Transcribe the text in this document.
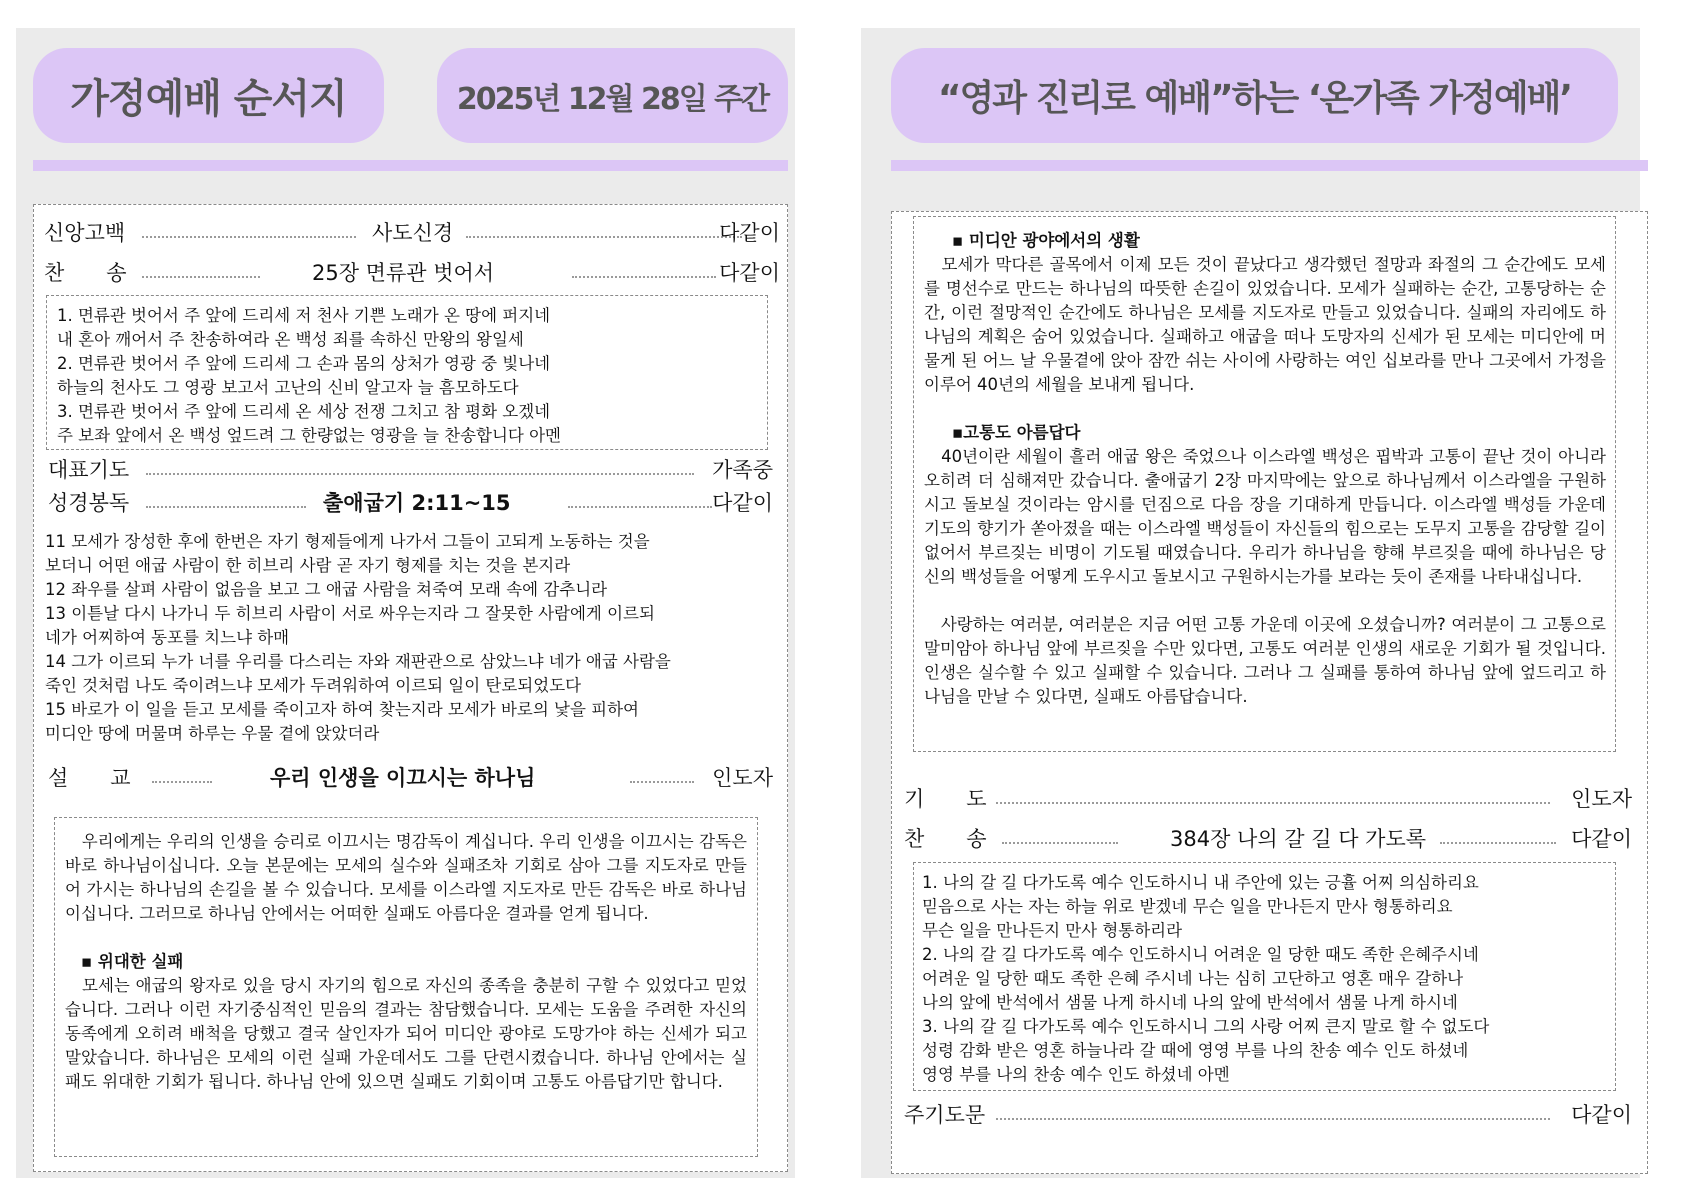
가정예배 순서지	2025년 12월 28일 주간
신앙고백	사도신경	다같이
찬　　송	25장 면류관 벗어서	다같이

1. 면류관 벗어서 주 앞에 드리세 저 천사 기쁜 노래가 온 땅에 퍼지네

내 혼아 깨어서 주 찬송하여라 온 백성 죄를 속하신 만왕의 왕일세

2. 면류관 벗어서 주 앞에 드리세 그 손과 몸의 상처가 영광 중 빛나네

하늘의 천사도 그 영광 보고서 고난의 신비 알고자 늘 흠모하도다

3. 면류관 벗어서 주 앞에 드리세 온 세상 전쟁 그치고 참 평화 오겠네

주 보좌 앞에서 온 백성 엎드려 그 한량없는 영광을 늘 찬송합니다 아멘

대표기도	가족중
성경봉독	출애굽기 2:11~15	다같이

11 모세가 장성한 후에 한번은 자기 형제들에게 나가서 그들이 고되게 노동하는 것을

보더니 어떤 애굽 사람이 한 히브리 사람 곧 자기 형제를 치는 것을 본지라

12 좌우를 살펴 사람이 없음을 보고 그 애굽 사람을 쳐죽여 모래 속에 감추니라

13 이튿날 다시 나가니 두 히브리 사람이 서로 싸우는지라 그 잘못한 사람에게 이르되

네가 어찌하여 동포를 치느냐 하매

14 그가 이르되 누가 너를 우리를 다스리는 자와 재판관으로 삼았느냐 네가 애굽 사람을

죽인 것처럼 나도 죽이려느냐 모세가 두려워하여 이르되 일이 탄로되었도다

15 바로가 이 일을 듣고 모세를 죽이고자 하여 찾는지라 모세가 바로의 낯을 피하여

미디안 땅에 머물며 하루는 우물 곁에 앉았더라

설　　교	우리 인생을 이끄시는 하나님	인도자

　우리에게는 우리의 인생을 승리로 이끄시는 명감독이 계십니다. 우리 인생을 이끄시는 감독은 바로 하나님이십니다. 오늘 본문에는 모세의 실수와 실패조차 기회로 삼아 그를 지도자로 만들어 가시는 하나님의 손길을 볼 수 있습니다. 모세를 이스라엘 지도자로 만든 감독은 바로 하나님이십니다. 그러므로 하나님 안에서는 어떠한 실패도 아름다운 결과를 얻게 됩니다.

▪ 위대한 실패

　모세는 애굽의 왕자로 있을 당시 자기의 힘으로 자신의 종족을 충분히 구할 수 있었다고 믿었습니다. 그러나 이런 자기중심적인 믿음의 결과는 참담했습니다. 모세는 도움을 주려한 자신의 동족에게 오히려 배척을 당했고 결국 살인자가 되어 미디안 광야로 도망가야 하는 신세가 되고 말았습니다. 하나님은 모세의 이런 실패 가운데서도 그를 단련시켰습니다. 하나님 안에서는 실패도 위대한 기회가 됩니다. 하나님 안에 있으면 실패도 기회이며 고통도 아름답기만 합니다.

“영과 진리로 예배”하는 ‘온가족 가정예배’

▪ 미디안 광야에서의 생활

　모세가 막다른 골목에서 이제 모든 것이 끝났다고 생각했던 절망과 좌절의 그 순간에도 모세를 명선수로 만드는 하나님의 따뜻한 손길이 있었습니다. 모세가 실패하는 순간, 고통당하는 순간, 이런 절망적인 순간에도 하나님은 모세를 지도자로 만들고 있었습니다. 실패의 자리에도 하나님의 계획은 숨어 있었습니다. 실패하고 애굽을 떠나 도망자의 신세가 된 모세는 미디안에 머물게 된 어느 날 우물곁에 앉아 잠깐 쉬는 사이에 사랑하는 여인 십보라를 만나 그곳에서 가정을 이루어 40년의 세월을 보내게 됩니다.

▪고통도 아름답다

　40년이란 세월이 흘러 애굽 왕은 죽었으나 이스라엘 백성은 핍박과 고통이 끝난 것이 아니라 오히려 더 심해져만 갔습니다. 출애굽기 2장 마지막에는 앞으로 하나님께서 이스라엘을 구원하시고 돌보실 것이라는 암시를 던짐으로 다음 장을 기대하게 만듭니다. 이스라엘 백성들 가운데 기도의 향기가 쏟아졌을 때는 이스라엘 백성들이 자신들의 힘으로는 도무지 고통을 감당할 길이 없어서 부르짖는 비명이 기도될 때였습니다. 우리가 하나님을 향해 부르짖을 때에 하나님은 당신의 백성들을 어떻게 도우시고 돌보시고 구원하시는가를 보라는 듯이 존재를 나타내십니다.

　사랑하는 여러분, 여러분은 지금 어떤 고통 가운데 이곳에 오셨습니까? 여러분이 그 고통으로 말미암아 하나님 앞에 부르짖을 수만 있다면, 고통도 여러분 인생의 새로운 기회가 될 것입니다. 인생은 실수할 수 있고 실패할 수 있습니다. 그러나 그 실패를 통하여 하나님 앞에 엎드리고 하나님을 만날 수 있다면, 실패도 아름답습니다.

기　　도	인도자
찬　　송	384장 나의 갈 길 다 가도록	다같이

1. 나의 갈 길 다가도록 예수 인도하시니 내 주안에 있는 긍휼 어찌 의심하리요

믿음으로 사는 자는 하늘 위로 받겠네 무슨 일을 만나든지 만사 형통하리요

무슨 일을 만나든지 만사 형통하리라

2. 나의 갈 길 다가도록 예수 인도하시니 어려운 일 당한 때도 족한 은혜주시네

어려운 일 당한 때도 족한 은혜 주시네 나는 심히 고단하고 영혼 매우 갈하나

나의 앞에 반석에서 샘물 나게 하시네 나의 앞에 반석에서 샘물 나게 하시네

3. 나의 갈 길 다가도록 예수 인도하시니 그의 사랑 어찌 큰지 말로 할 수 없도다

성령 감화 받은 영혼 하늘나라 갈 때에 영영 부를 나의 찬송 예수 인도 하셨네

영영 부를 나의 찬송 예수 인도 하셨네 아멘

주기도문	다같이
